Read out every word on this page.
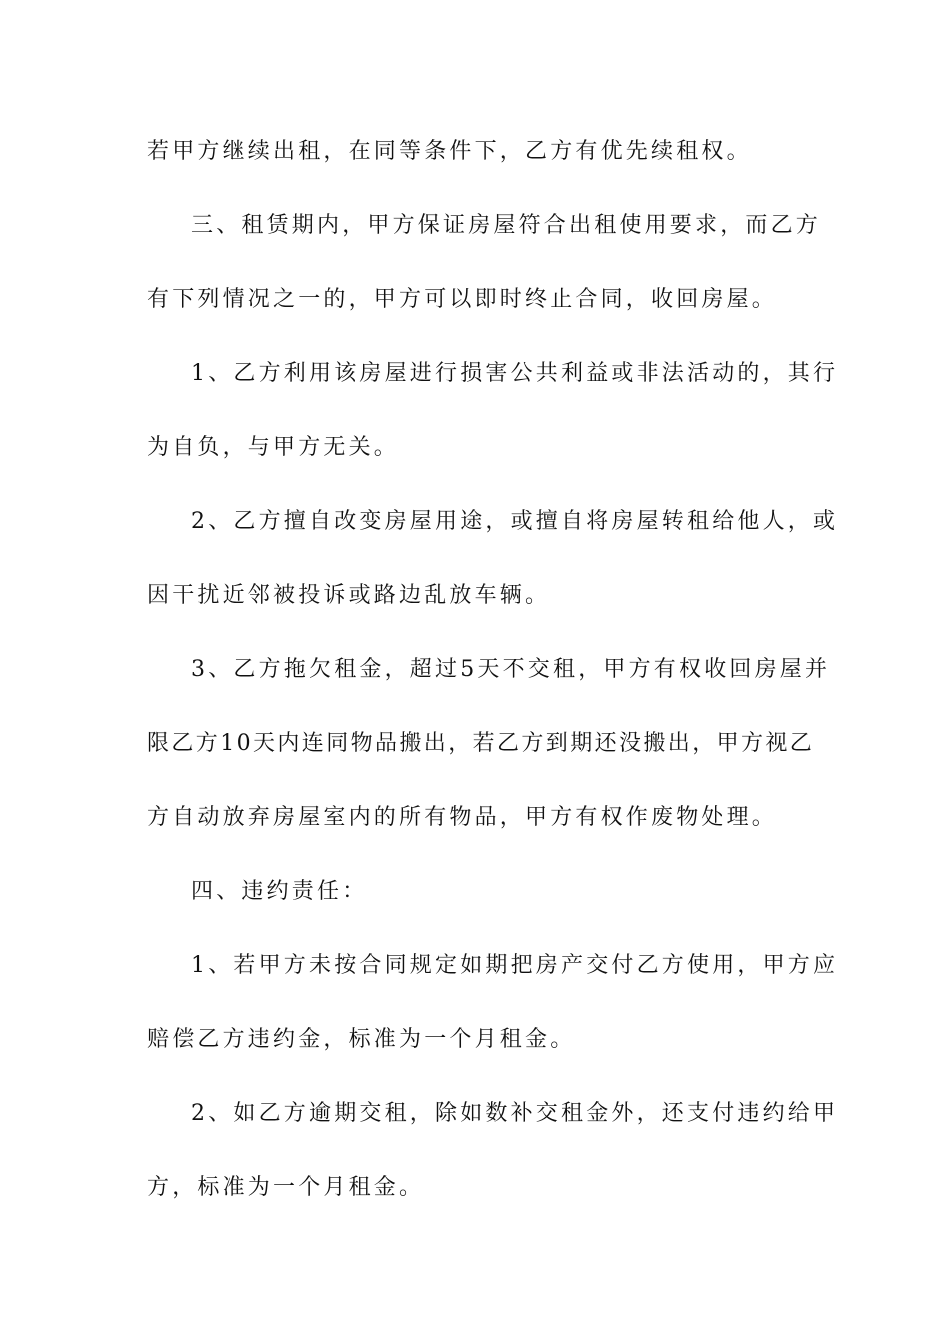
若甲方继续出租，在同等条件下，乙方有优先续租权。

三、租赁期内，甲方保证房屋符合出租使用要求，而乙方

有下列情况之一的，甲方可以即时终止合同，收回房屋。

1、乙方利用该房屋进行损害公共利益或非法活动的，其行

为自负，与甲方无关。

2、乙方擅自改变房屋用途，或擅自将房屋转租给他人，或

因干扰近邻被投诉或路边乱放车辆。

3、乙方拖欠租金，超过5天不交租，甲方有权收回房屋并

限乙方10天内连同物品搬出，若乙方到期还没搬出，甲方视乙

方自动放弃房屋室内的所有物品，甲方有权作废物处理。

四、违约责任：

1、若甲方未按合同规定如期把房产交付乙方使用，甲方应

赔偿乙方违约金，标准为一个月租金。

2、如乙方逾期交租，除如数补交租金外，还支付违约给甲

方，标准为一个月租金。
